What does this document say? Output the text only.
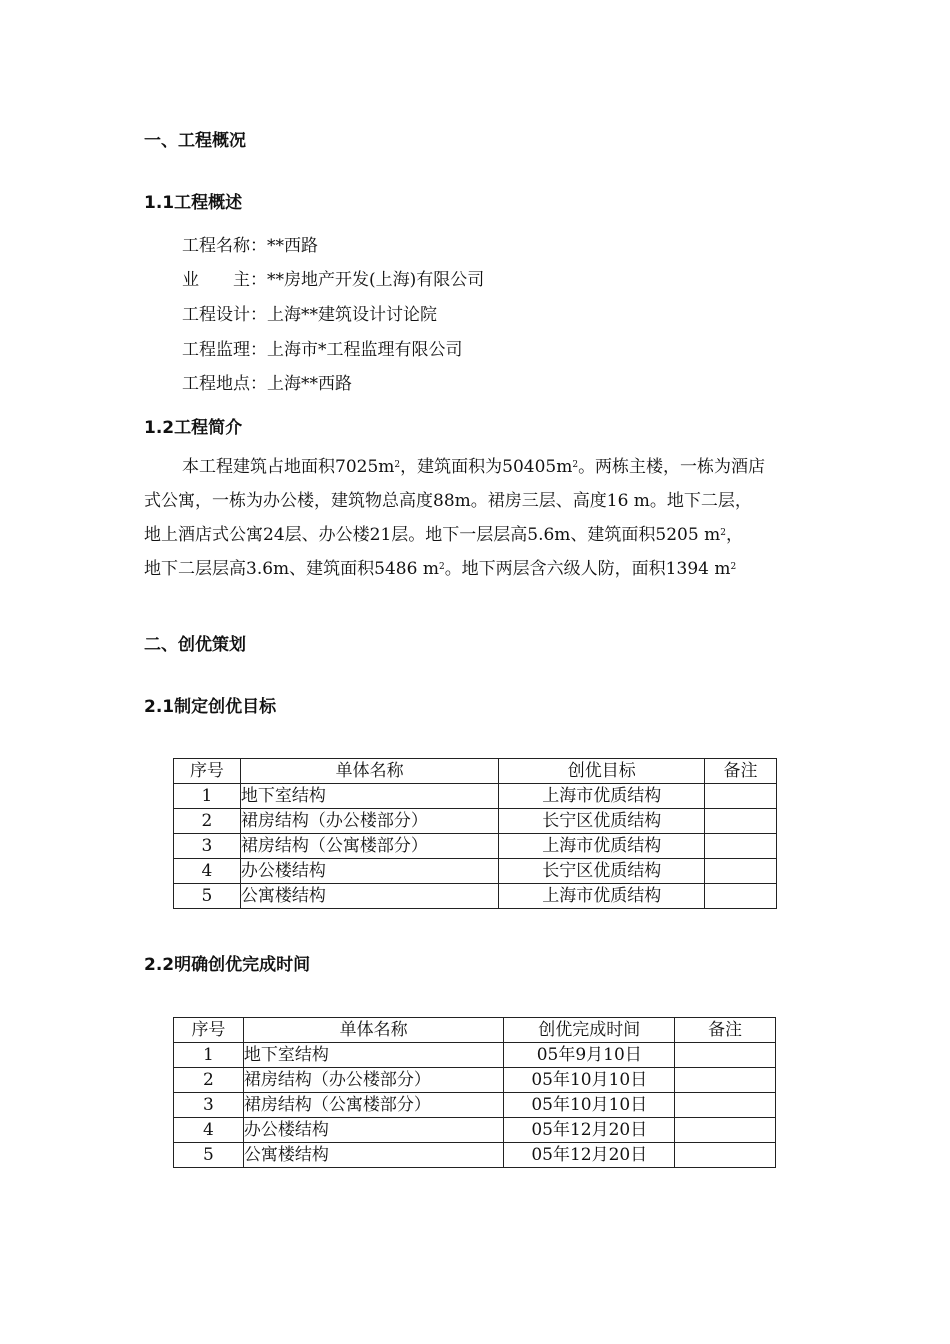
一、工程概况
1.1工程概述
工程名称：**西路
业　　主：**房地产开发(上海)有限公司
工程设计：上海**建筑设计讨论院
工程监理：上海市*工程监理有限公司
工程地点：上海**西路
1.2工程简介

本工程建筑占地面积$7025m^2$，建筑面积为$50405m^2$。两栋主楼，一栋为酒店

式公寓，一栋为办公楼，建筑物总高度88m。裙房三层、高度16 m。地下二层，

地上酒店式公寓24层、办公楼21层。地下一层层高5.6m、建筑面积5205 $m^2$，

地下二层层高3.6m、建筑面积5486 $m^2$。地下两层含六级人防，面积1394 $m^2$

二、创优策划
2.1制定创优目标
序号	单体名称	创优目标	备注
1	地下室结构	上海市优质结构	
2	裙房结构（办公楼部分）	长宁区优质结构	
3	裙房结构（公寓楼部分）	上海市优质结构	
4	办公楼结构	长宁区优质结构	
5	公寓楼结构	上海市优质结构	
2.2明确创优完成时间
序号	单体名称	创优完成时间	备注
1	地下室结构	05年9月10日	
2	裙房结构（办公楼部分）	05年10月10日	
3	裙房结构（公寓楼部分）	05年10月10日	
4	办公楼结构	05年12月20日	
5	公寓楼结构	05年12月20日	
